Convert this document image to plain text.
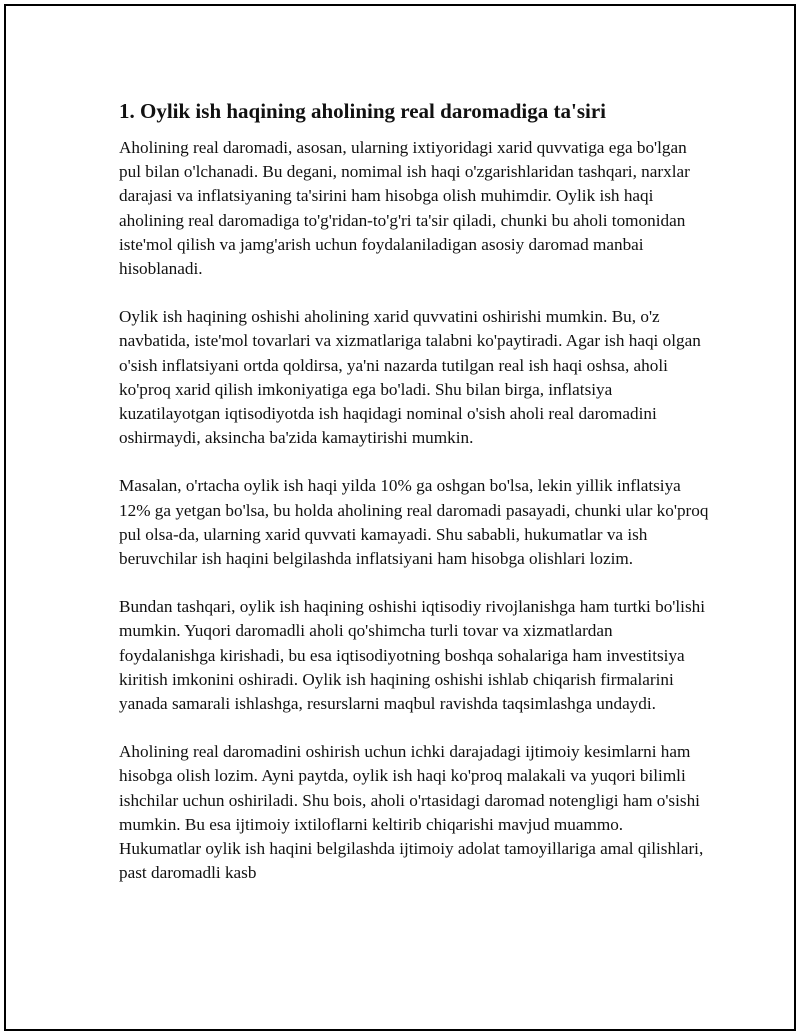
1. Oylik ish haqining aholining real daromadiga ta'siri

Aholining real daromadi, asosan, ularning ixtiyoridagi xarid quvvatiga ega bo'lgan pul bilan o'lchanadi. Bu degani, nomimal ish haqi o'zgarishlaridan tashqari, narxlar darajasi va inflatsiyaning ta'sirini ham hisobga olish muhimdir. Oylik ish haqi aholining real daromadiga to'g'ridan-to'g'ri ta'sir qiladi, chunki bu aholi tomonidan iste'mol qilish va jamg'arish uchun foydalaniladigan asosiy daromad manbai hisoblanadi.

Oylik ish haqining oshishi aholining xarid quvvatini oshirishi mumkin. Bu, o'z navbatida, iste'mol tovarlari va xizmatlariga talabni ko'paytiradi. Agar ish haqi olgan o'sish inflatsiyani ortda qoldirsa, ya'ni nazarda tutilgan real ish haqi oshsa, aholi ko'proq xarid qilish imkoniyatiga ega bo'ladi. Shu bilan birga, inflatsiya kuzatilayotgan iqtisodiyotda ish haqidagi nominal o'sish aholi real daromadini oshirmaydi, aksincha ba'zida kamaytirishi mumkin.

Masalan, o'rtacha oylik ish haqi yilda 10% ga oshgan bo'lsa, lekin yillik inflatsiya 12% ga yetgan bo'lsa, bu holda aholining real daromadi pasayadi, chunki ular ko'proq pul olsa-da, ularning xarid quvvati kamayadi. Shu sababli, hukumatlar va ish beruvchilar ish haqini belgilashda inflatsiyani ham hisobga olishlari lozim.

Bundan tashqari, oylik ish haqining oshishi iqtisodiy rivojlanishga ham turtki bo'lishi mumkin. Yuqori daromadli aholi qo'shimcha turli tovar va xizmatlardan foydalanishga kirishadi, bu esa iqtisodiyotning boshqa sohalariga ham investitsiya kiritish imkonini oshiradi. Oylik ish haqining oshishi ishlab chiqarish firmalarini yanada samarali ishlashga, resurslarni maqbul ravishda taqsimlashga undaydi.

Aholining real daromadini oshirish uchun ichki darajadagi ijtimoiy kesimlarni ham hisobga olish lozim. Ayni paytda, oylik ish haqi ko'proq malakali va yuqori bilimli ishchilar uchun oshiriladi. Shu bois, aholi o'rtasidagi daromad notengligi ham o'sishi mumkin. Bu esa ijtimoiy ixtiloflarni keltirib chiqarishi mavjud muammo. Hukumatlar oylik ish haqini belgilashda ijtimoiy adolat tamoyillariga amal qilishlari, past daromadli kasb
